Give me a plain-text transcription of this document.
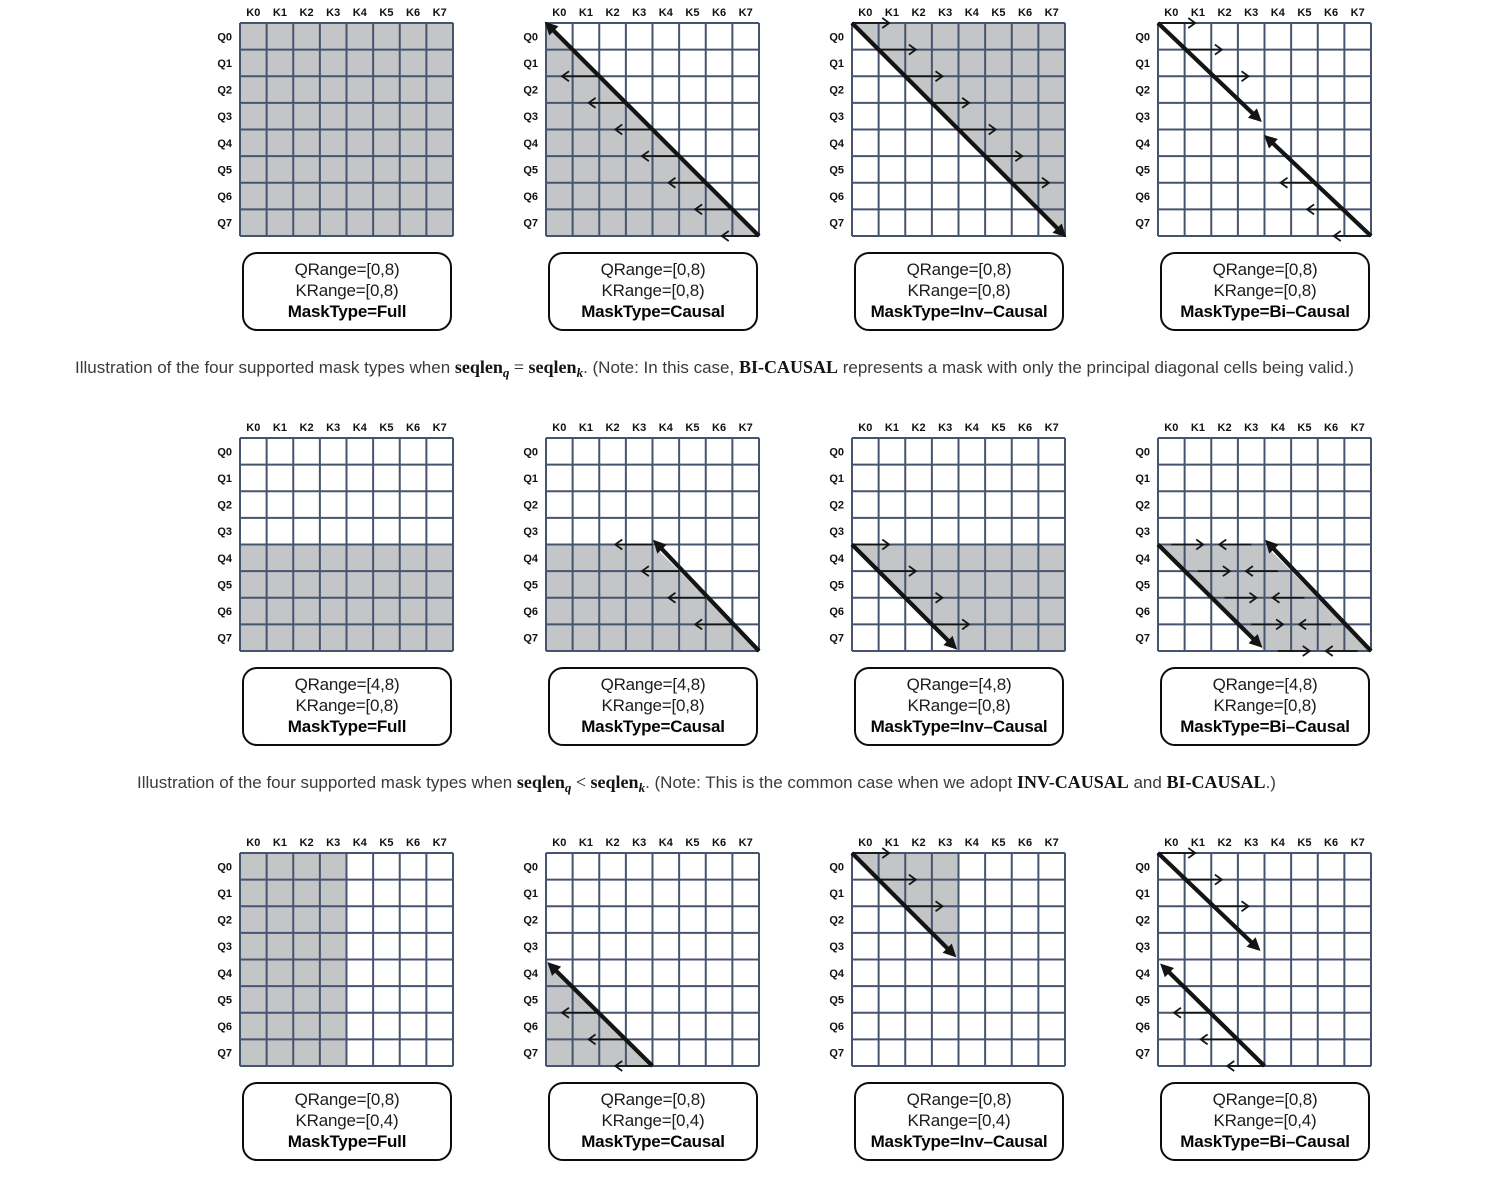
K0 K1 K2 K3 K4 K5 K6 K7
Q0
Q1
Q2
Q3
Q4
Q5
Q6
Q7
QRange=[0,8)
KRange=[0,8)
MaskType=Full
K0 K1 K2 K3 K4 K5 K6 K7
Q0
Q1
Q2
Q3
Q4
Q5
Q6
Q7
QRange=[0,8)
KRange=[0,8)
MaskType=Causal
K0 K1 K2 K3 K4 K5 K6 K7
Q0
Q1
Q2
Q3
Q4
Q5
Q6
Q7
QRange=[0,8)
KRange=[0,8)
MaskType=Inv–Causal
K0 K1 K2 K3 K4 K5 K6 K7
Q0
Q1
Q2
Q3
Q4
Q5
Q6
Q7
QRange=[0,8)
KRange=[0,8)
MaskType=Bi–Causal
Illustration of the four supported mask types when seqlen$_q$ = seqlen$_k$. (Note: In this case, BI-CAUSAL represents a mask with only the principal diagonal cells being valid.)
K0 K1 K2 K3 K4 K5 K6 K7
Q0
Q1
Q2
Q3
Q4
Q5
Q6
Q7
QRange=[4,8)
KRange=[0,8)
MaskType=Full
K0 K1 K2 K3 K4 K5 K6 K7
Q0
Q1
Q2
Q3
Q4
Q5
Q6
Q7
QRange=[4,8)
KRange=[0,8)
MaskType=Causal
K0 K1 K2 K3 K4 K5 K6 K7
Q0
Q1
Q2
Q3
Q4
Q5
Q6
Q7
QRange=[4,8)
KRange=[0,8)
MaskType=Inv–Causal
K0 K1 K2 K3 K4 K5 K6 K7
Q0
Q1
Q2
Q3
Q4
Q5
Q6
Q7
QRange=[4,8)
KRange=[0,8)
MaskType=Bi–Causal
Illustration of the four supported mask types when seqlen$_q$ < seqlen$_k$. (Note: This is the common case when we adopt INV-CAUSAL and BI-CAUSAL.)
K0 K1 K2 K3 K4 K5 K6 K7
Q0
Q1
Q2
Q3
Q4
Q5
Q6
Q7
QRange=[0,8)
KRange=[0,4)
MaskType=Full
K0 K1 K2 K3 K4 K5 K6 K7
Q0
Q1
Q2
Q3
Q4
Q5
Q6
Q7
QRange=[0,8)
KRange=[0,4)
MaskType=Causal
K0 K1 K2 K3 K4 K5 K6 K7
Q0
Q1
Q2
Q3
Q4
Q5
Q6
Q7
QRange=[0,8)
KRange=[0,4)
MaskType=Inv–Causal
K0 K1 K2 K3 K4 K5 K6 K7
Q0
Q1
Q2
Q3
Q4
Q5
Q6
Q7
QRange=[0,8)
KRange=[0,4)
MaskType=Bi–Causal
